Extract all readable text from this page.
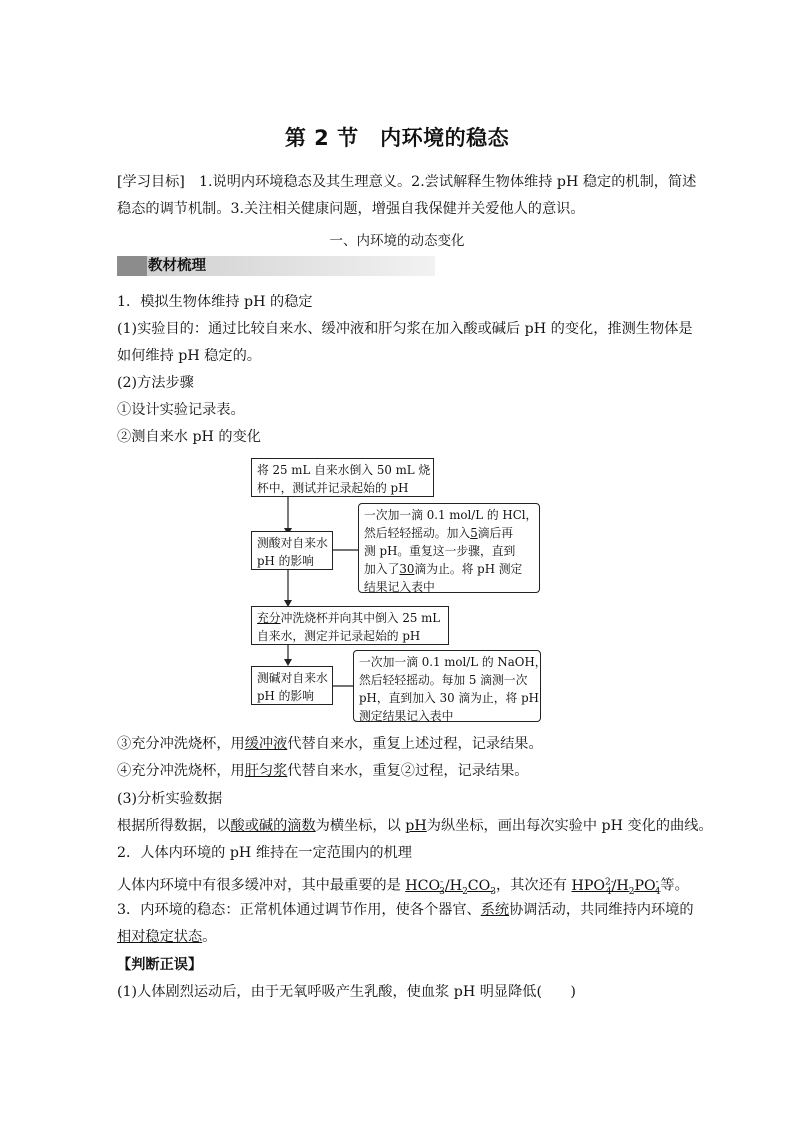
第 2 节　内环境的稳态
[学习目标]　1.说明内环境稳态及其生理意义。2.尝试解释生物体维持 pH 稳定的机制，简述
稳态的调节机制。3.关注相关健康问题，增强自我保健并关爱他人的意识。
一、内环境的动态变化
教材梳理
1．模拟生物体维持 pH 的稳定
(1)实验目的：通过比较自来水、缓冲液和肝匀浆在加入酸或碱后 pH 的变化，推测生物体是
如何维持 pH 稳定的。
(2)方法步骤
①设计实验记录表。
②测自来水 pH 的变化
将 25 mL 自来水倒入 50 mL 烧
杯中，测试并记录起始的 pH
测酸对自来水
pH 的影响
一次加一滴 0.1 mol/L 的 HCl，
然后轻轻摇动。加入5滴后再
测 pH。重复这一步骤，直到
加入了30滴为止。将 pH 测定
结果记入表中
充分冲洗烧杯并向其中倒入 25 mL
自来水，测定并记录起始的 pH
测碱对自来水
pH 的影响
一次加一滴 0.1 mol/L 的 NaOH，
然后轻轻摇动。每加 5 滴测一次
pH，直到加入 30 滴为止，将 pH
测定结果记入表中
③充分冲洗烧杯，用缓冲液代替自来水，重复上述过程，记录结果。
④充分冲洗烧杯，用肝匀浆代替自来水，重复②过程，记录结果。
(3)分析实验数据
根据所得数据，以酸或碱的滴数为横坐标，以 pH为纵坐标，画出每次实验中 pH 变化的曲线。
2．人体内环境的 pH 维持在一定范围内的机理
人体内环境中有很多缓冲对，其中最重要的是 $HCO^-_3/H_2CO_3$，其次还有 $HPO^{2-}_4/H_2PO^-_4$等。
3．内环境的稳态：正常机体通过调节作用，使各个器官、系统协调活动，共同维持内环境的
相对稳定状态。
【判断正误】
(1)人体剧烈运动后，由于无氧呼吸产生乳酸，使血浆 pH 明显降低(　　)
